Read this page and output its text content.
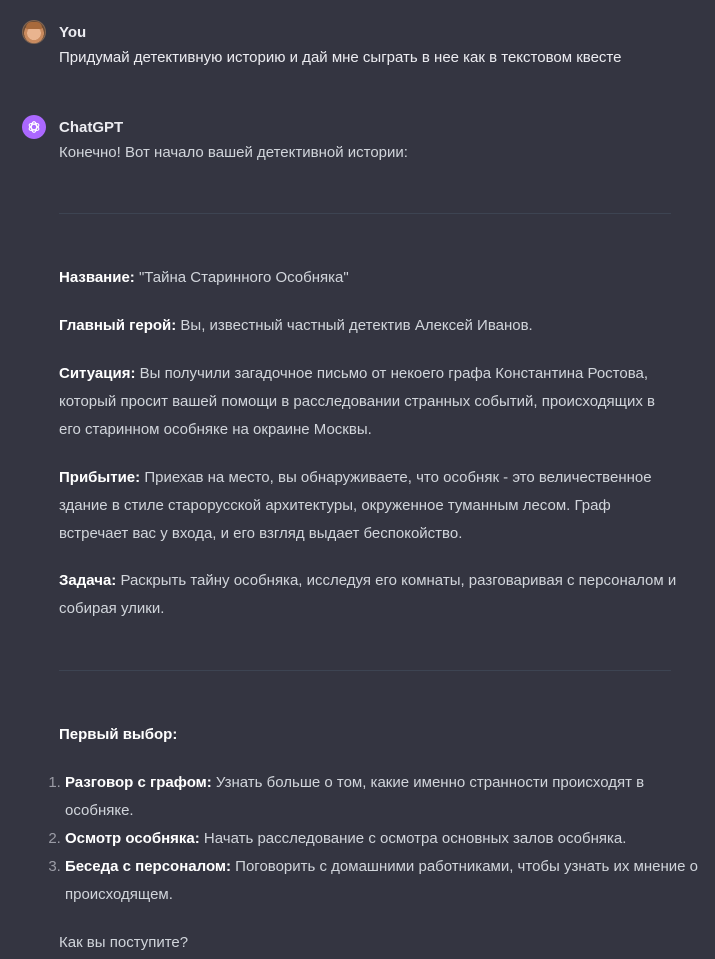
You
Придумай детективную историю и дай мне сыграть в нее как в текстовом квесте
ChatGPT
Конечно! Вот начало вашей детективной истории:
Название: "Тайна Старинного Особняка"
Главный герой: Вы, известный частный детектив Алексей Иванов.
Ситуация: Вы получили загадочное письмо от некоего графа Константина Ростова, который просит вашей помощи в расследовании странных событий, происходящих в его старинном особняке на окраине Москвы.
Прибытие: Приехав на место, вы обнаруживаете, что особняк - это величественное здание в стиле старорусской архитектуры, окруженное туманным лесом. Граф встречает вас у входа, и его взгляд выдает беспокойство.
Задача: Раскрыть тайну особняка, исследуя его комнаты, разговаривая с персоналом и собирая улики.
Первый выбор:
1. Разговор с графом: Узнать больше о том, какие именно странности происходят в особняке.
2. Осмотр особняка: Начать расследование с осмотра основных залов особняка.
3. Беседа с персоналом: Поговорить с домашними работниками, чтобы узнать их мнение о происходящем.
Как вы поступите?
